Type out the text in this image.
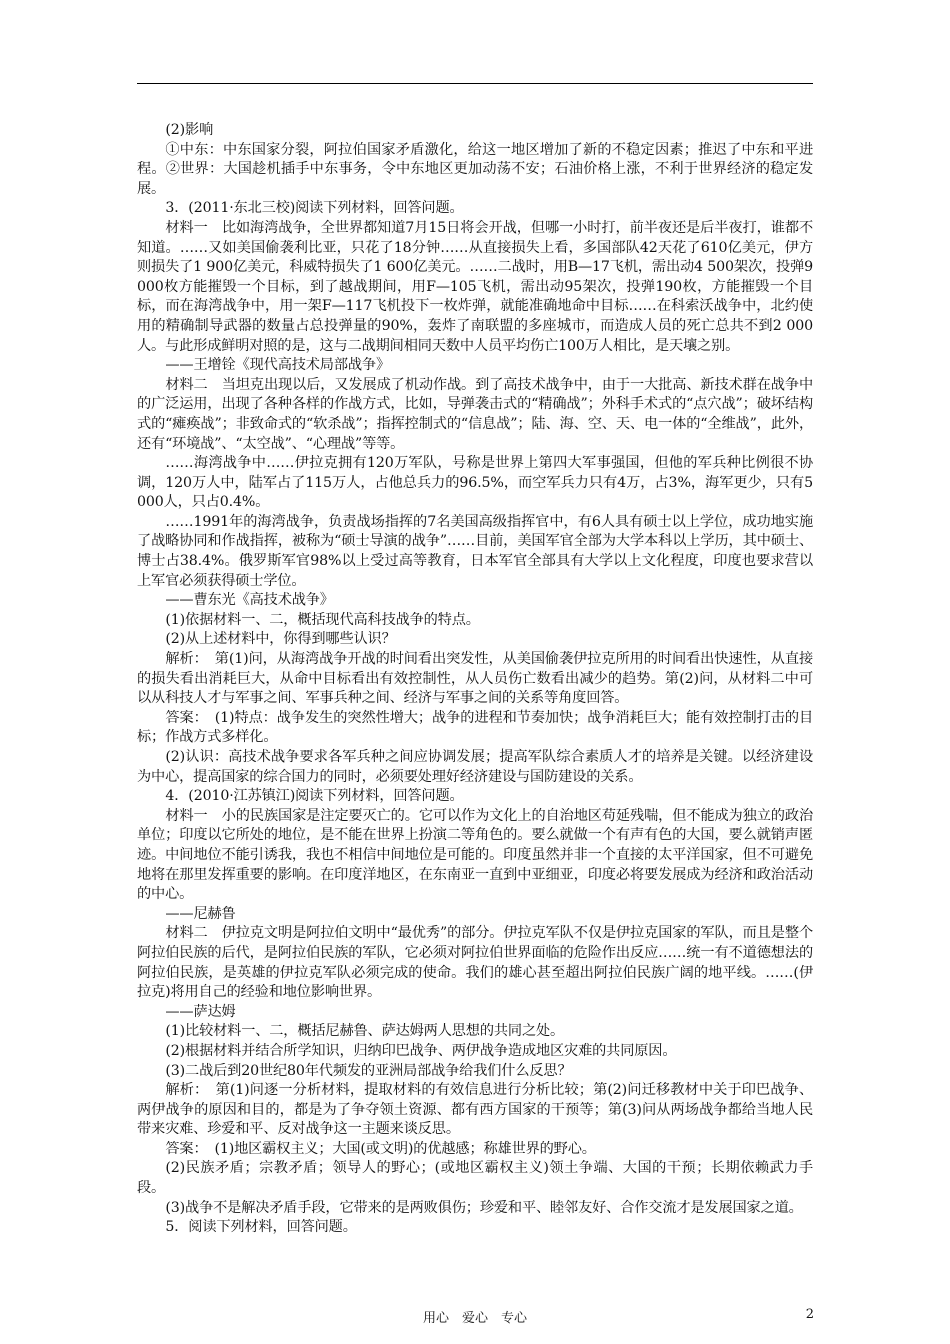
(2)影响

①中东：中东国家分裂，阿拉伯国家矛盾激化，给这一地区增加了新的不稳定因素；推迟了中东和平进程。②世界：大国趁机插手中东事务，令中东地区更加动荡不安；石油价格上涨，不利于世界经济的稳定发展。

3．(2011·东北三校)阅读下列材料，回答问题。

材料一　比如海湾战争，全世界都知道7月15日将会开战，但哪一小时打，前半夜还是后半夜打，谁都不知道。……又如美国偷袭利比亚，只花了18分钟……从直接损失上看，多国部队42天花了610亿美元，伊方则损失了1 900亿美元，科威特损失了1 600亿美元。……二战时，用B—17飞机，需出动4 500架次，投弹9 000枚方能摧毁一个目标，到了越战期间，用F—105飞机，需出动95架次，投弹190枚，方能摧毁一个目标，而在海湾战争中，用一架F—117飞机投下一枚炸弹，就能准确地命中目标……在科索沃战争中，北约使用的精确制导武器的数量占总投弹量的90%，轰炸了南联盟的多座城市，而造成人员的死亡总共不到2 000人。与此形成鲜明对照的是，这与二战期间相同天数中人员平均伤亡100万人相比，是天壤之别。

——王增铨《现代高技术局部战争》

材料二　当坦克出现以后，又发展成了机动作战。到了高技术战争中，由于一大批高、新技术群在战争中的广泛运用，出现了各种各样的作战方式，比如，导弹袭击式的“精确战”；外科手术式的“点穴战”；破坏结构式的“瘫痪战”；非致命式的“软杀战”；指挥控制式的“信息战”；陆、海、空、天、电一体的“全维战”，此外，还有“环境战”、“太空战”、“心理战”等等。

……海湾战争中……伊拉克拥有120万军队，号称是世界上第四大军事强国，但他的军兵种比例很不协调，120万人中，陆军占了115万人，占他总兵力的96.5%，而空军兵力只有4万，占3%，海军更少，只有5 000人，只占0.4%。

……1991年的海湾战争，负责战场指挥的7名美国高级指挥官中，有6人具有硕士以上学位，成功地实施了战略协同和作战指挥，被称为“硕士导演的战争”……目前，美国军官全部为大学本科以上学历，其中硕士、博士占38.4%。俄罗斯军官98%以上受过高等教育，日本军官全部具有大学以上文化程度，印度也要求营以上军官必须获得硕士学位。

——曹东光《高技术战争》

(1)依据材料一、二，概括现代高科技战争的特点。

(2)从上述材料中，你得到哪些认识？

解析：　第(1)问，从海湾战争开战的时间看出突发性，从美国偷袭伊拉克所用的时间看出快速性，从直接的损失看出消耗巨大，从命中目标看出有效控制性，从人员伤亡数看出减少的趋势。第(2)问，从材料二中可以从科技人才与军事之间、军事兵种之间、经济与军事之间的关系等角度回答。

答案：　(1)特点：战争发生的突然性增大；战争的进程和节奏加快；战争消耗巨大；能有效控制打击的目标；作战方式多样化。

(2)认识：高技术战争要求各军兵种之间应协调发展；提高军队综合素质人才的培养是关键。以经济建设为中心，提高国家的综合国力的同时，必须要处理好经济建设与国防建设的关系。

4．(2010·江苏镇江)阅读下列材料，回答问题。

材料一　小的民族国家是注定要灭亡的。它可以作为文化上的自治地区苟延残喘，但不能成为独立的政治单位；印度以它所处的地位，是不能在世界上扮演二等角色的。要么就做一个有声有色的大国，要么就销声匿迹。中间地位不能引诱我，我也不相信中间地位是可能的。印度虽然并非一个直接的太平洋国家，但不可避免地将在那里发挥重要的影响。在印度洋地区，在东南亚一直到中亚细亚，印度必将要发展成为经济和政治活动的中心。

——尼赫鲁

材料二　伊拉克文明是阿拉伯文明中“最优秀”的部分。伊拉克军队不仅是伊拉克国家的军队，而且是整个阿拉伯民族的后代，是阿拉伯民族的军队，它必须对阿拉伯世界面临的危险作出反应……统一有不道德想法的阿拉伯民族，是英雄的伊拉克军队必须完成的使命。我们的雄心甚至超出阿拉伯民族广阔的地平线。……(伊拉克)将用自己的经验和地位影响世界。

——萨达姆

(1)比较材料一、二，概括尼赫鲁、萨达姆两人思想的共同之处。

(2)根据材料并结合所学知识，归纳印巴战争、两伊战争造成地区灾难的共同原因。

(3)二战后到20世纪80年代频发的亚洲局部战争给我们什么反思？

解析：　第(1)问逐一分析材料，提取材料的有效信息进行分析比较；第(2)问迁移教材中关于印巴战争、两伊战争的原因和目的，都是为了争夺领土资源、都有西方国家的干预等；第(3)问从两场战争都给当地人民带来灾难、珍爱和平、反对战争这一主题来谈反思。

答案：　(1)地区霸权主义；大国(或文明)的优越感；称雄世界的野心。

(2)民族矛盾；宗教矛盾；领导人的野心；(或地区霸权主义)领土争端、大国的干预；长期依赖武力手段。

(3)战争不是解决矛盾手段，它带来的是两败俱伤；珍爱和平、睦邻友好、合作交流才是发展国家之道。

5．阅读下列材料，回答问题。

用心　爱心　专心	2
